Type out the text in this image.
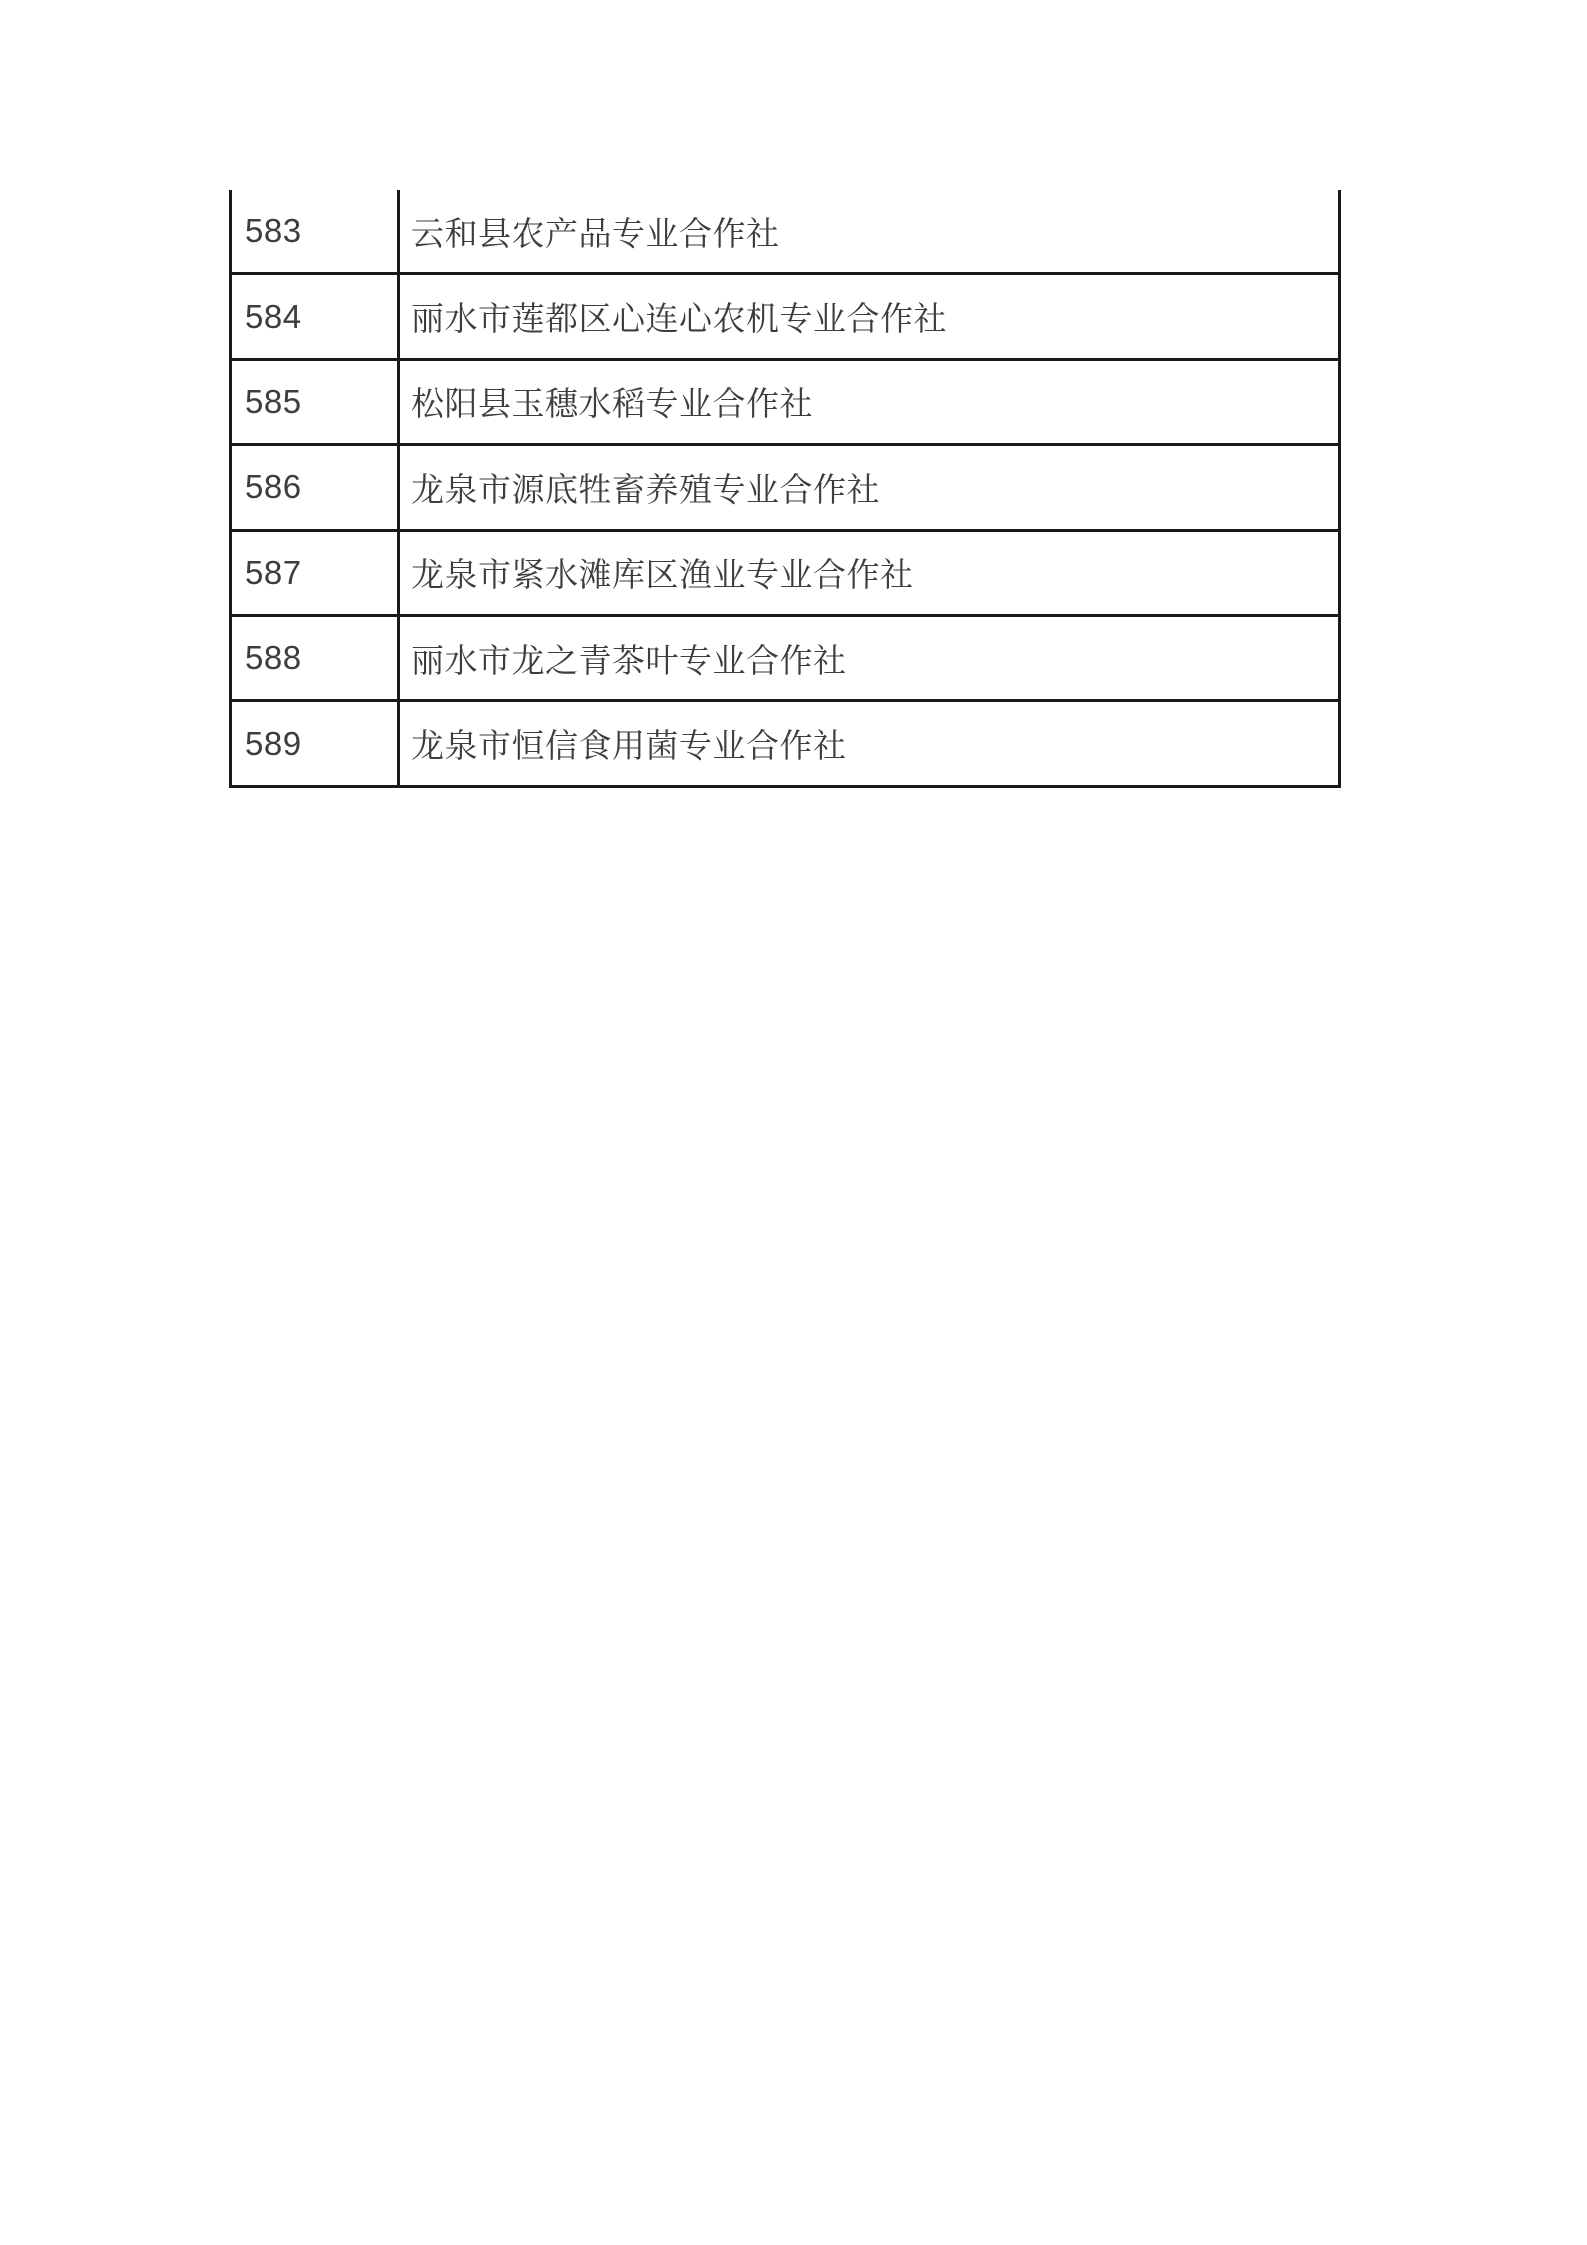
583	云和县农产品专业合作社
584	丽水市莲都区心连心农机专业合作社
585	松阳县玉穗水稻专业合作社
586	龙泉市源底牲畜养殖专业合作社
587	龙泉市紧水滩库区渔业专业合作社
588	丽水市龙之青茶叶专业合作社
589	龙泉市恒信食用菌专业合作社
